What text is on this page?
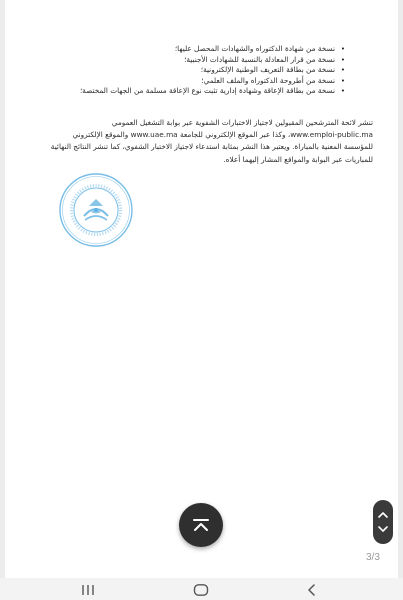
•
نسخة من شهادة الدكتوراه والشهادات المحصل عليها؛
•
نسخة من قرار المعادلة بالنسبة للشهادات الأجنبية؛
•
نسخة من بطاقة التعريف الوطنية الإلكترونية؛
•
نسخة من أطروحة الدكتوراه والملف العلمي؛
•
نسخة من بطاقة الإعاقة وشهادة إدارية تثبت نوع الإعاقة مسلمة من الجهات المختصة؛

تنشر لائحة المترشحين المقبولين لاجتياز الاختبارات الشفوية عبر بوابة التشغيل العمومي

www.emploi-public.ma، وكذا عبر الموقع الإلكتروني للجامعة www.uae.ma والموقع الإلكتروني

للمؤسسة المعنية بالمباراة. ويعتبر هذا النشر بمثابة استدعاء لاجتياز الاختبار الشفوي، كما تنشر النتائج النهائية

للمباريات عبر البوابة والمواقع المشار إليهما أعلاه.

3/3
